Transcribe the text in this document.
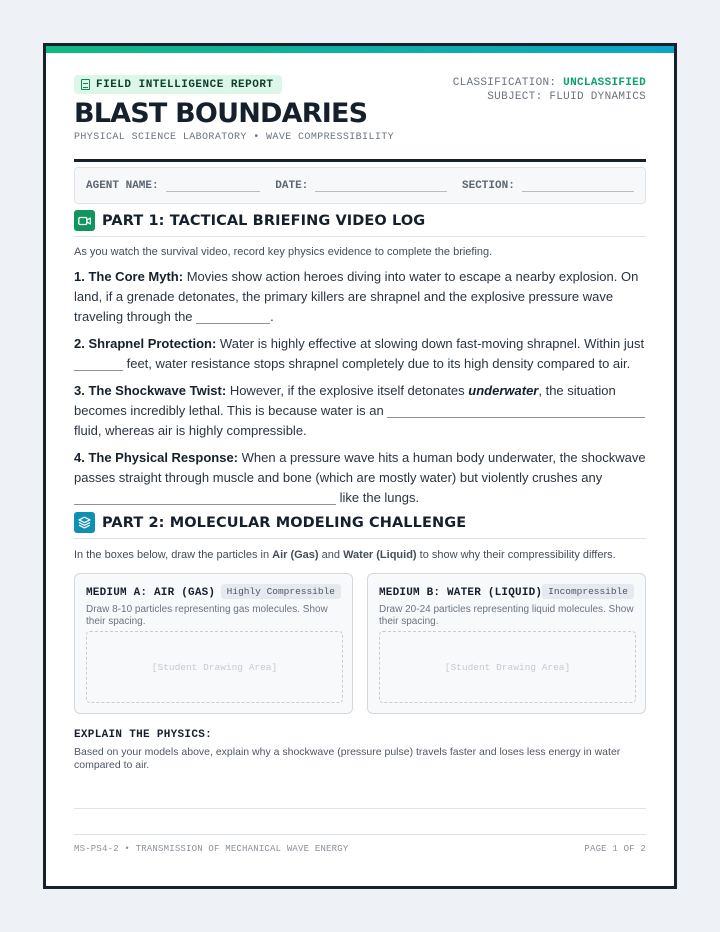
FIELD INTELLIGENCE REPORT	CLASSIFICATION: UNCLASSIFIED
SUBJECT: FLUID DYNAMICS
BLAST BOUNDARIES
PHYSICAL SCIENCE LABORATORY • WAVE COMPRESSIBILITY
AGENT NAME:	DATE:	SECTION:
PART 1: TACTICAL BRIEFING VIDEO LOG

As you watch the survival video, record key physics evidence to complete the briefing.

1. The Core Myth: Movies show action heroes diving into water to escape a nearby explosion. On land, if a grenade detonates, the primary killers are shrapnel and the explosive pressure wave traveling through the	.

2. Shrapnel Protection: Water is highly effective at slowing down fast-moving shrapnel. Within just  feet, water resistance stops shrapnel completely due to its high density compared to air.

3. The Shockwave Twist: However, if the explosive itself detonates underwater, the situation becomes incredibly lethal. This is because water is an  fluid, whereas air is highly compressible.

4. The Physical Response: When a pressure wave hits a human body underwater, the shockwave passes straight through muscle and bone (which are mostly water) but violently crushes any  like the lungs.

PART 2: MOLECULAR MODELING CHALLENGE

In the boxes below, draw the particles in Air (Gas) and Water (Liquid) to show why their compressibility differs.

MEDIUM A: AIR (GAS)	Highly Compressible
Draw 8-10 particles representing gas molecules. Show their spacing.
[Student Drawing Area]
MEDIUM B: WATER (LIQUID) Incompressible
Draw 20-24 particles representing liquid molecules. Show their spacing.
[Student Drawing Area]
EXPLAIN THE PHYSICS:

Based on your models above, explain why a shockwave (pressure pulse) travels faster and loses less energy in water compared to air.

MS-PS4-2 • TRANSMISSION OF MECHANICAL WAVE ENERGY	PAGE 1 OF 2
